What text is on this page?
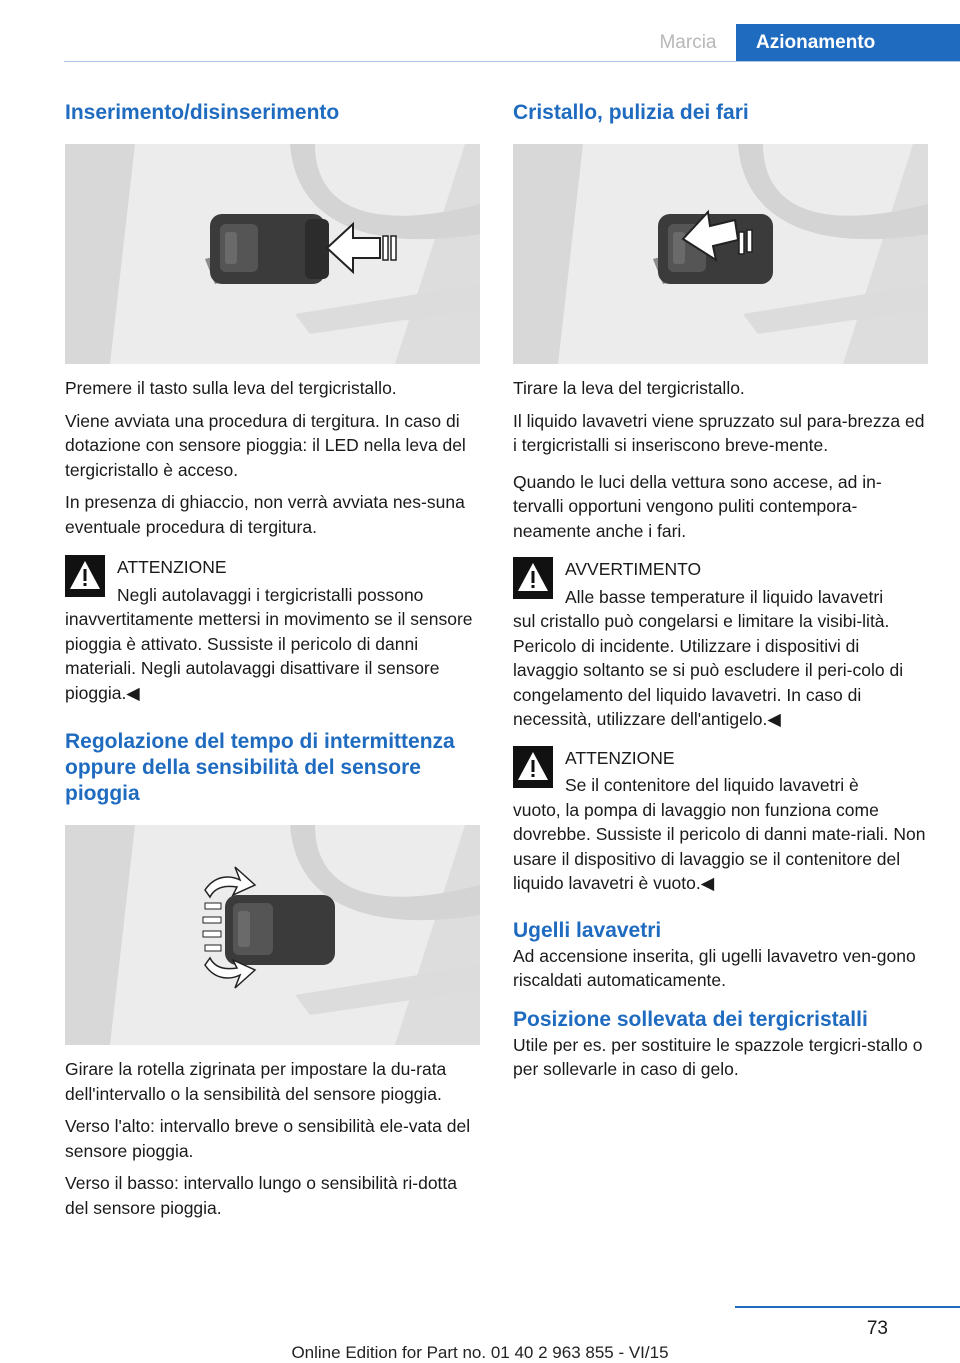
Marcia	Azionamento
Inserimento/disinserimento

Premere il tasto sulla leva del tergicristallo.

Viene avviata una procedura di tergitura. In caso di dotazione con sensore pioggia: il LED nella leva del tergicristallo è acceso.

In presenza di ghiaccio, non verrà avviata nes‐suna eventuale procedura di tergitura.

ATTENZIONE

Negli autolavaggi i tergicristalli possono

inavvertitamente mettersi in movimento se il sensore pioggia è attivato. Sussiste il pericolo di danni materiali. Negli autolavaggi disattivare il sensore pioggia.◀

Regolazione del tempo di intermittenza oppure della sensibilità del sensore pioggia

Girare la rotella zigrinata per impostare la du‐rata dell'intervallo o la sensibilità del sensore pioggia.

Verso l'alto: intervallo breve o sensibilità ele‐vata del sensore pioggia.

Verso il basso: intervallo lungo o sensibilità ri‐dotta del sensore pioggia.

Cristallo, pulizia dei fari

Tirare la leva del tergicristallo.

Il liquido lavavetri viene spruzzato sul para‐brezza ed i tergicristalli si inseriscono breve‐mente.

Quando le luci della vettura sono accese, ad in‐tervalli opportuni vengono puliti contempora‐neamente anche i fari.

AVVERTIMENTO

Alle basse temperature il liquido lavavetri

sul cristallo può congelarsi e limitare la visibi‐lità. Pericolo di incidente. Utilizzare i dispositivi di lavaggio soltanto se si può escludere il peri‐colo di congelamento del liquido lavavetri. In caso di necessità, utilizzare dell'antigelo.◀

ATTENZIONE

Se il contenitore del liquido lavavetri è

vuoto, la pompa di lavaggio non funziona come dovrebbe. Sussiste il pericolo di danni mate‐riali. Non usare il dispositivo di lavaggio se il contenitore del liquido lavavetri è vuoto.◀

Ugelli lavavetri

Ad accensione inserita, gli ugelli lavavetro ven‐gono riscaldati automaticamente.

Posizione sollevata dei tergicristalli

Utile per es. per sostituire le spazzole tergicri‐stallo o per sollevarle in caso di gelo.

73
Online Edition for Part no. 01 40 2 963 855 - VI/15
